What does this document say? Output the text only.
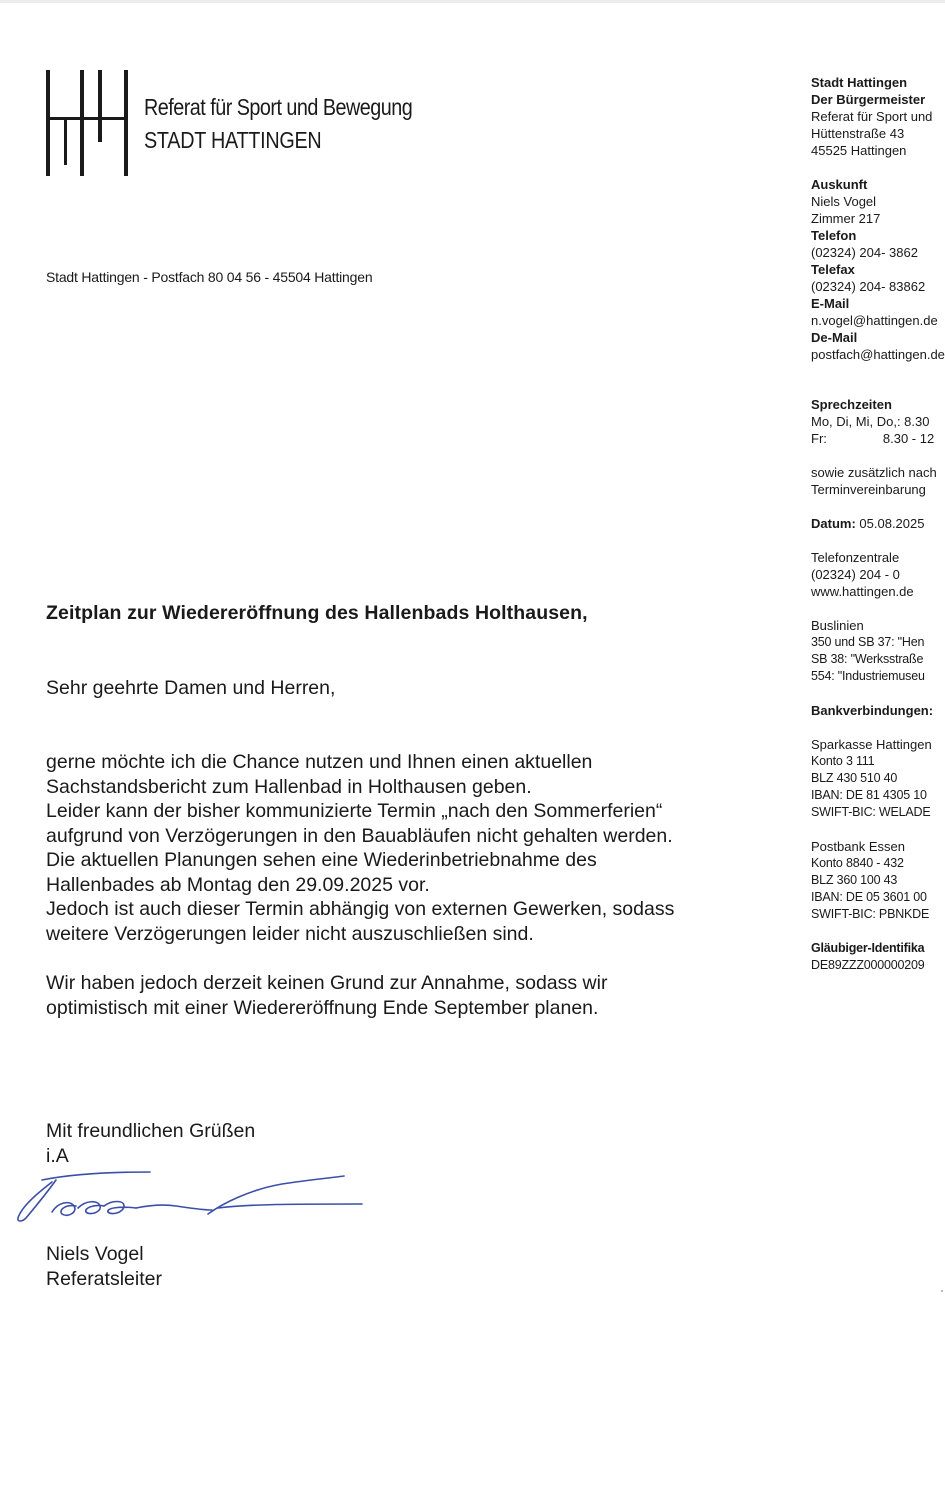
Referat für Sport und Bewegung
STADT HATTINGEN
Stadt Hattingen - Postfach 80 04 56 - 45504 Hattingen
Stadt Hattingen
Der Bürgermeister
Referat für Sport und
Hüttenstraße 43
45525 Hattingen
Auskunft
Niels Vogel
Zimmer 217
Telefon
(02324) 204- 3862
Telefax
(02324) 204- 83862
E-Mail
n.vogel@hattingen.de
De-Mail
postfach@hattingen.de
Sprechzeiten
Mo, Di, Mi, Do,: 8.30
Fr:	8.30 - 12
sowie zusätzlich nach
Terminvereinbarung
Datum: 05.08.2025
Telefonzentrale
(02324) 204 - 0
www.hattingen.de
Buslinien
350 und SB 37: "Hen
SB 38: "Werksstraße
554: "Industriemuseu
Bankverbindungen:
Sparkasse Hattingen
Konto 3 111
BLZ 430 510 40
IBAN: DE 81 4305 10
SWIFT-BIC: WELADE
Postbank Essen
Konto 8840 - 432
BLZ 360 100 43
IBAN: DE 05 3601 00
SWIFT-BIC: PBNKDE
Gläubiger-Identifika
DE89ZZZ000000209
Zeitplan zur Wiedereröffnung des Hallenbads Holthausen,
Sehr geehrte Damen und Herren,
gerne möchte ich die Chance nutzen und Ihnen einen aktuellen
Sachstandsbericht zum Hallenbad in Holthausen geben.
Leider kann der bisher kommunizierte Termin „nach den Sommerferien“
aufgrund von Verzögerungen in den Bauabläufen nicht gehalten werden.
Die aktuellen Planungen sehen eine Wiederinbetriebnahme des
Hallenbades ab Montag den 29.09.2025 vor.
Jedoch ist auch dieser Termin abhängig von externen Gewerken, sodass
weitere Verzögerungen leider nicht auszuschließen sind.
Wir haben jedoch derzeit keinen Grund zur Annahme, sodass wir
optimistisch mit einer Wiedereröffnung Ende September planen.
Mit freundlichen Grüßen
i.A
Niels Vogel
Referatsleiter
